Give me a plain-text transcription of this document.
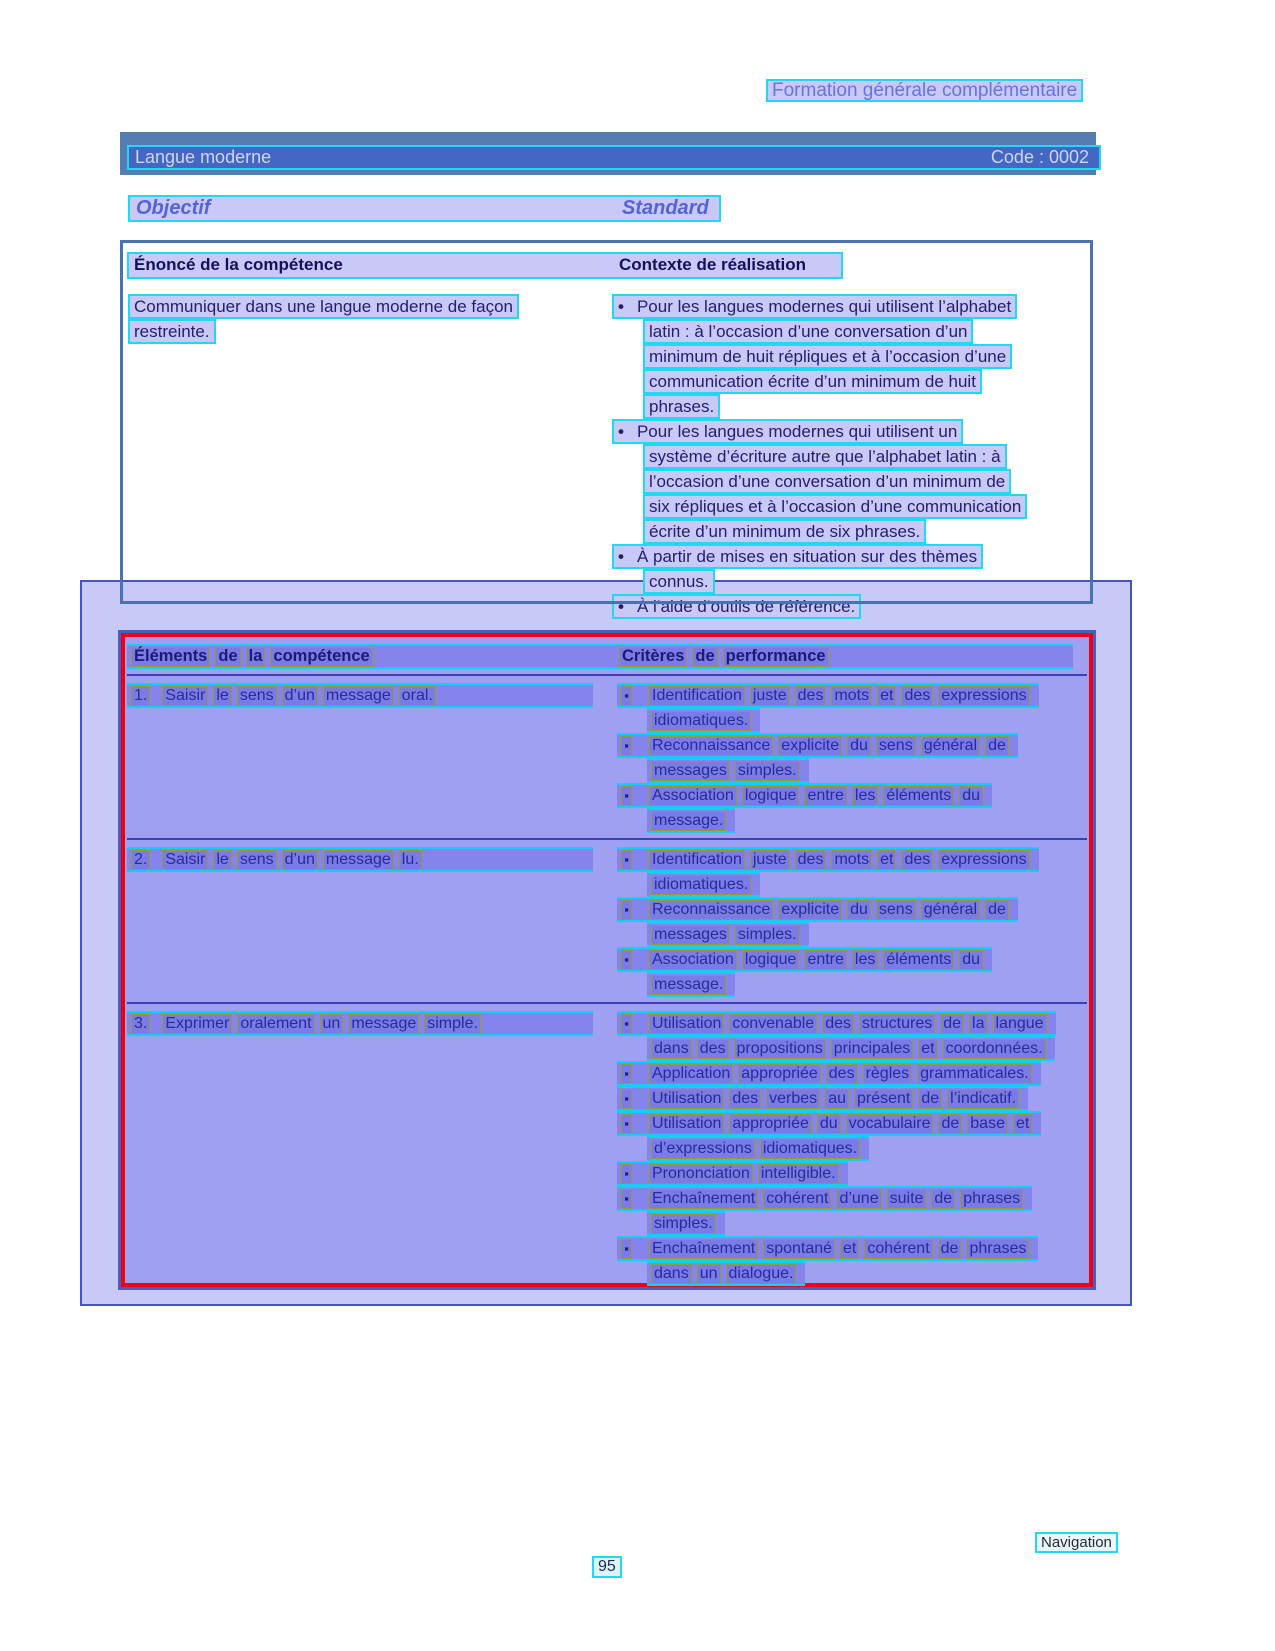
Formation générale complémentaire
Langue moderne	Code : 0002
Objectif	Standard
Énoncé de la compétence	Contexte de réalisation
Communiquer dans une langue moderne de façon
restreinte.
• Pour les langues modernes qui utilisent l’alphabet
latin : à l’occasion d’une conversation d’un
minimum de huit répliques et à l’occasion d’une
communication écrite d’un minimum de huit
phrases.
• Pour les langues modernes qui utilisent un
système d’écriture autre que l’alphabet latin : à
l’occasion d’une conversation d’un minimum de
six répliques et à l’occasion d’une communication
écrite d’un minimum de six phrases.
• À partir de mises en situation sur des thèmes
connus.
• À l’aide d’outils de référence.
Éléments de la compétence	Critères de performance
1. Saisir le sens d’un message oral.	▪ Identification juste des mots et des expressions
idiomatiques.
▪ Reconnaissance explicite du sens général de
messages simples.
▪ Association logique entre les éléments du
message.
2. Saisir le sens d’un message lu.	▪ Identification juste des mots et des expressions
idiomatiques.
▪ Reconnaissance explicite du sens général de
messages simples.
▪ Association logique entre les éléments du
message.
3. Exprimer oralement un message simple.	▪ Utilisation convenable des structures de la langue
dans des propositions principales et coordonnées.
▪ Application appropriée des règles grammaticales.
▪ Utilisation des verbes au présent de l’indicatif.
▪ Utilisation appropriée du vocabulaire de base et
d’expressions idiomatiques.
▪ Prononciation intelligible.
▪ Enchaînement cohérent d’une suite de phrases
simples.
▪ Enchaînement spontané et cohérent de phrases
dans un dialogue.
Navigation
95
